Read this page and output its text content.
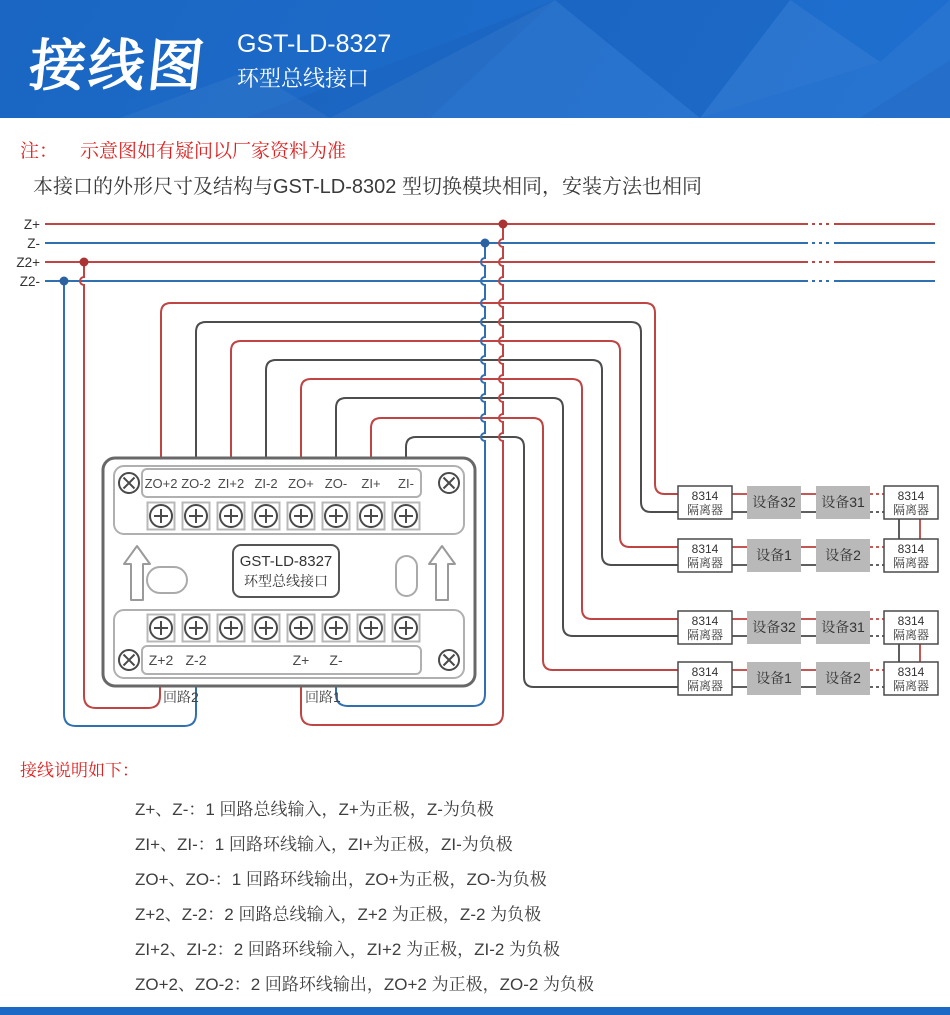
接线图 GST-LD-8327
环型总线接口
注： 示意图如有疑问以厂家资料为准
本接口的外形尺寸及结构与GST-LD-8302 型切换模块相同，安装方法也相同
Z+
Z-
Z2+
Z2-
回路2	回路1
ZO+2 ZO-2 ZI+2 ZI-2 ZO+ ZO- ZI+ ZI-
GST-LD-8327
环型总线接口
Z+2 Z-2	Z+ Z-
8314
隔离器 设备32 设备31	8314
隔离器
8314
隔离器 设备1 设备2	8314
隔离器
8314
隔离器 设备32 设备31	8314
隔离器
8314
隔离器 设备1 设备2	8314
隔离器
接线说明如下：
Z+、Z-：1 回路总线输入，Z+为正极，Z-为负极
ZI+、ZI-：1 回路环线输入，ZI+为正极，ZI-为负极
ZO+、ZO-：1 回路环线输出，ZO+为正极，ZO-为负极
Z+2、Z-2：2 回路总线输入，Z+2 为正极，Z-2 为负极
ZI+2、ZI-2：2 回路环线输入，ZI+2 为正极，ZI-2 为负极
ZO+2、ZO-2：2 回路环线输出，ZO+2 为正极，ZO-2 为负极
